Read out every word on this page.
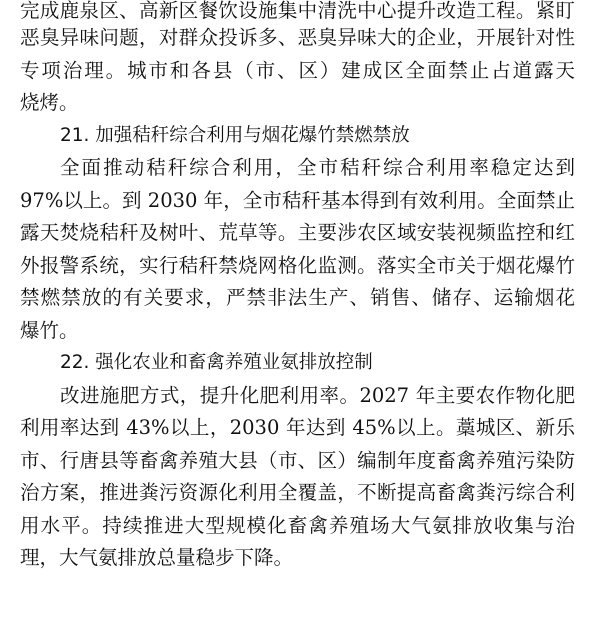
完成鹿泉区、高新区餐饮设施集中清洗中心提升改造工程。紧盯
恶臭异味问题，对群众投诉多、恶臭异味大的企业，开展针对性
专项治理。城市和各县（市、区）建成区全面禁止占道露天
烧烤。
21. 加强秸秆综合利用与烟花爆竹禁燃禁放
全面推动秸秆综合利用，全市秸秆综合利用率稳定达到
97%以上。到 2030 年，全市秸秆基本得到有效利用。全面禁止
露天焚烧秸秆及树叶、荒草等。主要涉农区域安装视频监控和红
外报警系统，实行秸秆禁烧网格化监测。落实全市关于烟花爆竹
禁燃禁放的有关要求，严禁非法生产、销售、储存、运输烟花
爆竹。
22. 强化农业和畜禽养殖业氨排放控制
改进施肥方式，提升化肥利用率。2027 年主要农作物化肥
利用率达到 43%以上，2030 年达到 45%以上。藁城区、新乐
市、行唐县等畜禽养殖大县（市、区）编制年度畜禽养殖污染防
治方案，推进粪污资源化利用全覆盖，不断提高畜禽粪污综合利
用水平。持续推进大型规模化畜禽养殖场大气氨排放收集与治
理，大气氨排放总量稳步下降。
